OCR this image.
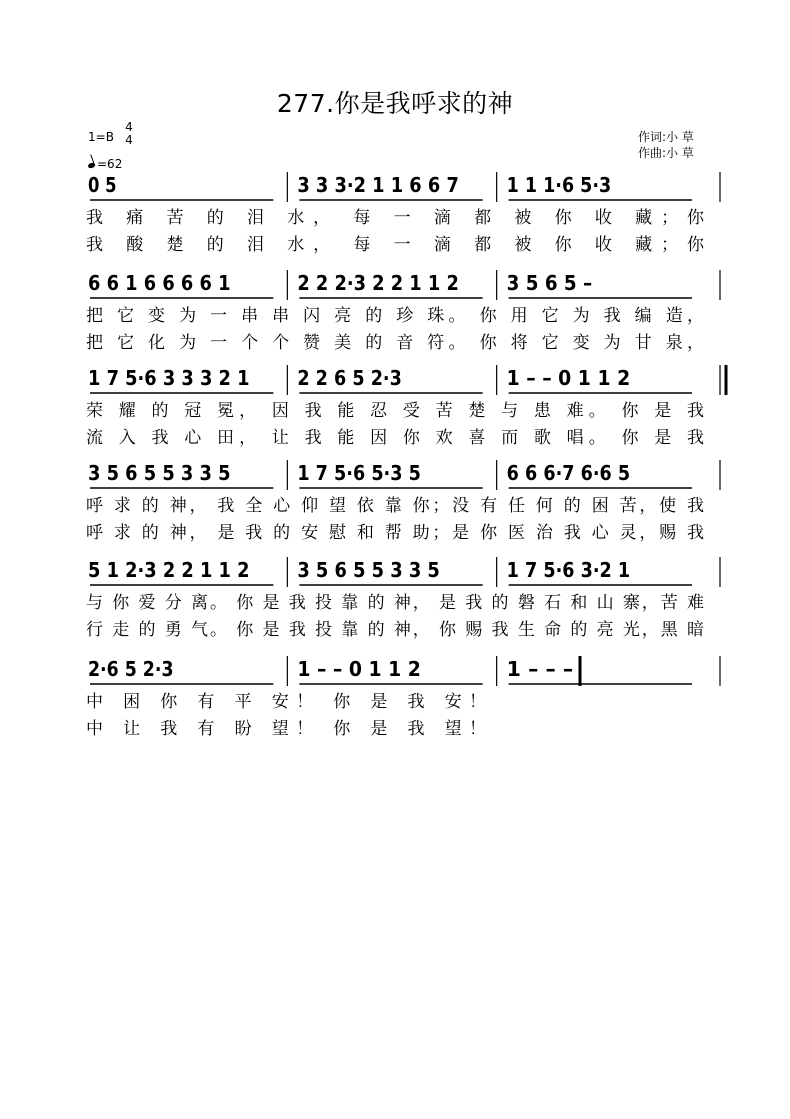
277.你是我呼求的神
1=B
4
4
=62
作词:小 草
作曲:小 草
0 5	3 3 3·2 1 1 6 6 7 1 1 1·6 5·3
我 痛 苦 的 泪 水， 每 一 滴 都 被 你 收 藏；你
我 酸 楚 的 泪 水， 每 一 滴 都 被 你 收 藏；你
6 6 1 6 6 6 6 1	2 2 2·3 2 2 1 1 2 3 5 6 5 –
把 它 变 为 一 串 串 闪 亮 的 珍 珠。 你 用 它 为 我 编 造，
把 它 化 为 一 个 个 赞 美 的 音 符。 你 将 它 变 为 甘 泉，
1 7 5·6 3 3 3 2 1 2 2 6 5 2·3	1 – – 0 1 1 2
荣 耀 的 冠 冕， 因 我 能 忍 受 苦 楚 与 患 难。 你 是 我
流 入 我 心 田， 让 我 能 因 你 欢 喜 而 歌 唱。 你 是 我
3 5 6 5 5 3 3 5	1 7 5·6 5·3 5	6 6 6·7 6·6 5
呼 求 的 神， 我 全 心 仰 望 依 靠 你；没 有 任 何 的 困 苦，使 我
呼 求 的 神， 是 我 的 安 慰 和 帮 助；是 你 医 治 我 心 灵，赐 我
5 1 2·3 2 2 1 1 2 3 5 6 5 5 3 3 5	1 7 5·6 3·2 1
与 你 爱 分 离。 你 是 我 投 靠 的 神， 是 我 的 磐 石 和 山 寨，苦 难
行 走 的 勇 气。 你 是 我 投 靠 的 神， 你 赐 我 生 命 的 亮 光，黑 暗
2·6 5 2·3	1 – – 0 1 1 2	1 – – –
中 困 你 有 平 安！ 你 是 我 安！
中 让 我 有 盼 望！ 你 是 我 望！
